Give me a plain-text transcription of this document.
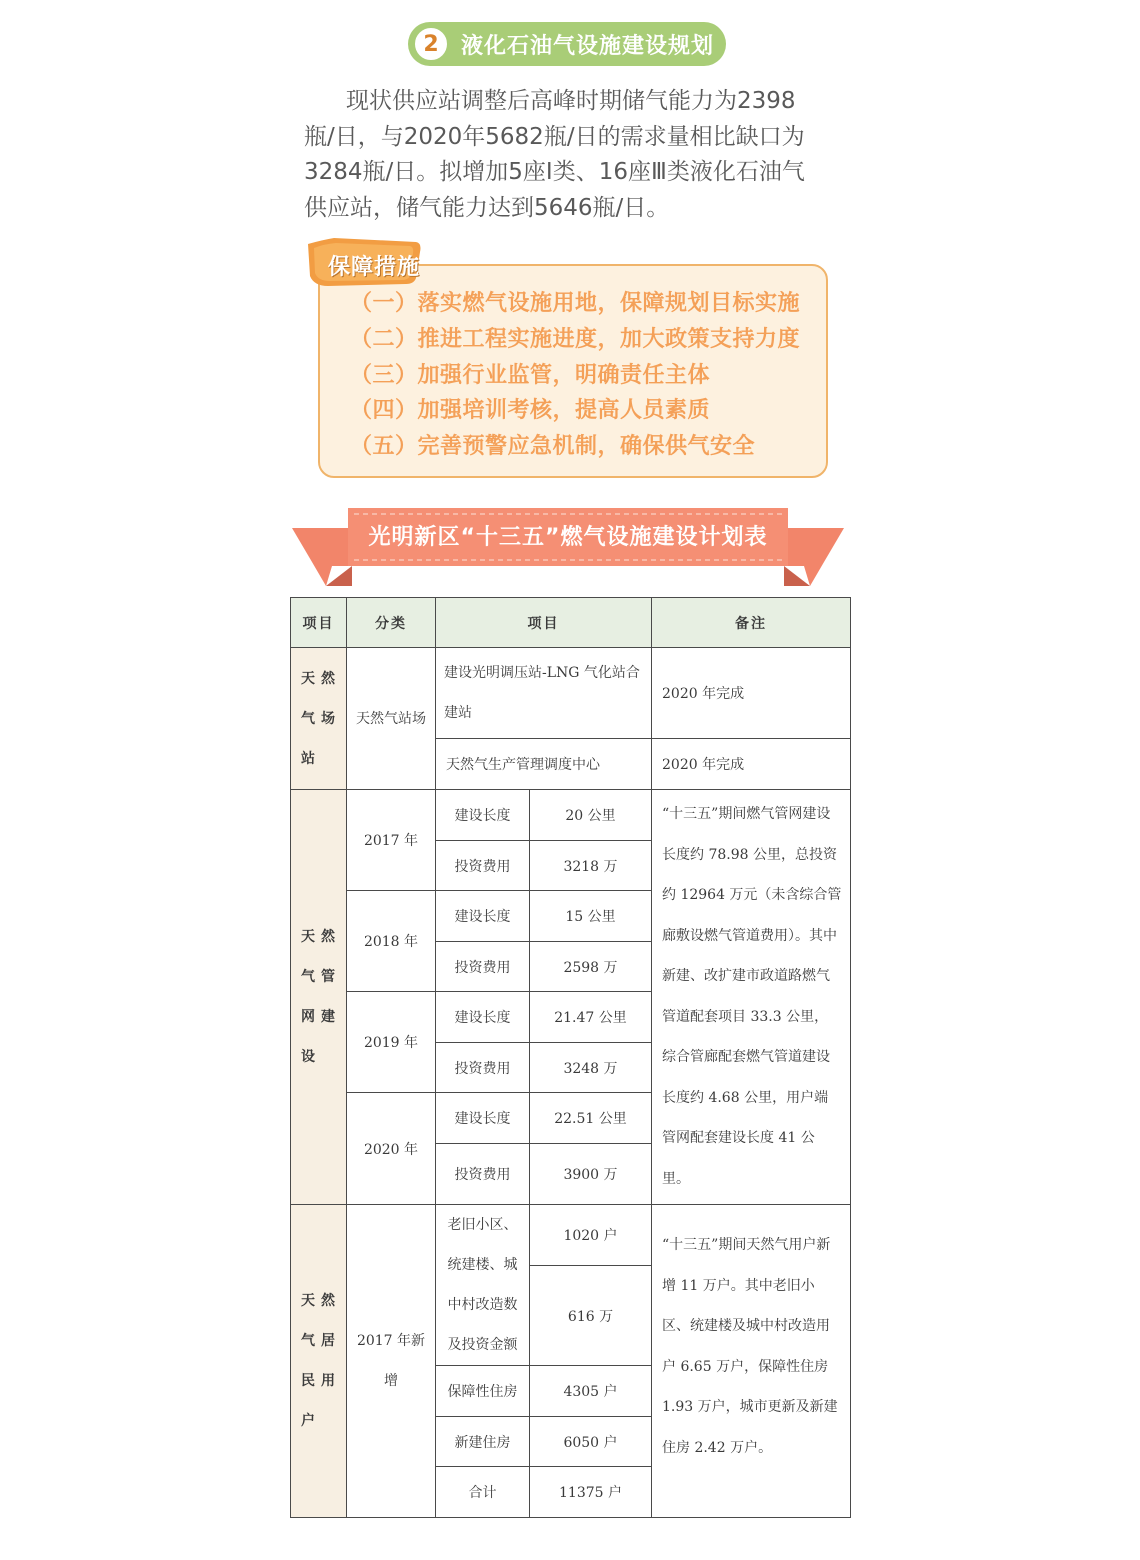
2	液化石油气设施建设规划

现状供应站调整后高峰时期储气能力为2398瓶/日，与2020年5682瓶/日的需求量相比缺口为3284瓶/日。拟增加5座I类、16座Ⅲ类液化石油气供应站，储气能力达到5646瓶/日。

保障措施
（一）落实燃气设施用地，保障规划目标实施
（二）推进工程实施进度，加大政策支持力度
（三）加强行业监管，明确责任主体
（四）加强培训考核，提高人员素质
（五）完善预警应急机制，确保供气安全
光明新区“十三五”燃气设施建设计划表
项目	分类	项目		备注
天然气场站	天然气站场	建设光明调压站-LNG 气化站合建站		2020 年完成
		天然气生产管理调度中心		2020 年完成
天然气管网建设	2017 年	建设长度	20 公里	“十三五”期间燃气管网建设长度约 78.98 公里，总投资约 12964 万元（未含综合管廊敷设燃气管道费用）。其中新建、改扩建市政道路燃气管道配套项目 33.3 公里，综合管廊配套燃气管道建设长度约 4.68 公里，用户端管网配套建设长度 41 公里。
		投资费用	3218 万	
	2018 年	建设长度	15 公里	
		投资费用	2598 万	
	2019 年	建设长度	21.47 公里	
		投资费用	3248 万	
	2020 年	建设长度	22.51 公里	
		投资费用	3900 万	
天然气居民用户	2017 年新增	老旧小区、统建楼、城中村改造数及投资金额	1020 户	“十三五”期间天然气用户新增 11 万户。其中老旧小区、统建楼及城中村改造用户 6.65 万户，保障性住房 1.93 万户，城市更新及新建住房 2.42 万户。
			616 万	
		保障性住房	4305 户	
		新建住房	6050 户	
		合计	11375 户	
